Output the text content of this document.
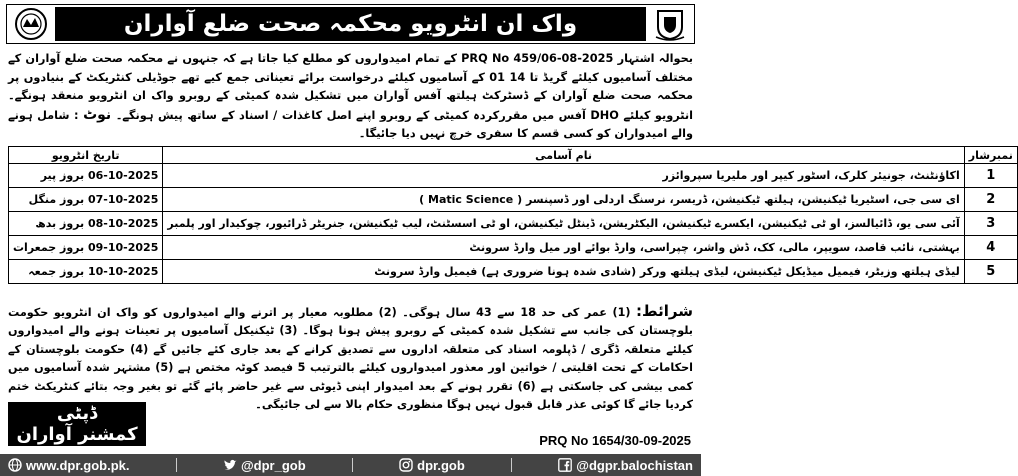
واک ان انٹرویو محکمہ صحت ضلع آواران
بحوالہ اشتہار PRQ No 459/06-08-2025 کے تمام امیدواروں کو مطلع کیا جاتا ہے کہ جنہوں نے محکمہ صحت ضلع آواران کے مختلف آسامیوں کیلئے گریڈ 01 تا 14 کے آسامیوں کیلئے درخواست برائے تعیناتی جمع کیے تھے جوڈیلی کنٹریکٹ کے بنیادوں پر محکمہ صحت ضلع آواران کے ڈسٹرکٹ ہیلتھ آفس آواران میں تشکیل شدہ کمیٹی کے روبرو واک ان انٹرویو منعقد ہونگے۔ انٹرویو کیلئے DHO آفس میں مقررکردہ کمیٹی کے روبرو اپنے اصل کاغذات / اسناد کے ساتھ پیش ہونگے۔ نوٹ : شامل ہونے والے امیدواران کو کسی قسم کا سفری خرچ نہیں دیا جائیگا۔
نمبرشار	نام آسامی	تاریخ انٹرویو
1	اکاؤنٹنٹ، جونیئر کلرک، اسٹور کیپر اور ملیریا سپروائزر	06-10-2025 بروز پیر
2	ای سی جی، اسٹیریا ٹیکنیشن، ہیلتھ ٹیکنیشن، ڈریسر، نرسنگ اردلی اور ڈسپنسر ( Matic Science )	07-10-2025 بروز منگل
3	آئی سی یو، ڈائیالسز، او ٹی ٹیکنیشن، ایکسرے ٹیکنیشن، الیکٹریشن، ڈینٹل ٹیکنیشن، او ٹی اسسٹنٹ، لیب ٹیکنیشن، جنریٹر ڈرائیور، چوکیدار اور پلمبر	08-10-2025 بروز بدھ
4	بہشتی، نائب قاصد، سویپر، مالی، کک، ڈش واشر، چپراسی، وارڈ بوائے اور میل وارڈ سرونٹ	09-10-2025 بروز جمعرات
5	لیڈی ہیلتھ وزیٹر، فیمیل میڈیکل ٹیکنیشن، لیڈی ہیلتھ ورکر (شادی شدہ ہونا ضروری ہے) فیمیل وارڈ سرونٹ	10-10-2025 بروز جمعہ
شرائط: (1) عمر کی حد 18 سے 43 سال ہوگی۔ (2) مطلوبہ معیار پر اترنے والے امیدواروں کو واک ان انٹرویو حکومت بلوچستان کی جانب سے تشکیل شدہ کمیٹی کے روبرو پیش ہونا ہوگا۔ (3) ٹیکنیکل آسامیوں پر تعینات ہونے والے امیدواروں کیلئے متعلقہ ڈگری / ڈپلومہ اسناد کی متعلقہ اداروں سے تصدیق کرانے کے بعد جاری کئے جائیں گے (4) حکومت بلوچستان کے احکامات کے تحت اقلیتی / خواتین اور معذور امیدواروں کیلئے بالترتیب 5 فیصد کوٹہ مختص ہے (5) مشتہر شدہ آسامیوں میں کمی بیشی کی جاسکتی ہے (6) تقرر ہونے کے بعد امیدوار اپنی ڈیوٹی سے غیر حاضر پائے گئے تو بغیر وجہ بتائے کنٹریکٹ ختم کردیا جائے گا کوئی عذر قابل قبول نہیں ہوگا منظوری حکام بالا سے لی جائیگی۔
ڈپٹی
کمشنر آواران	PRQ No 1654/30-09-2025
www.dpr.gob.pk.	@dpr_gob	dpr.gob	@dgpr.balochistan
